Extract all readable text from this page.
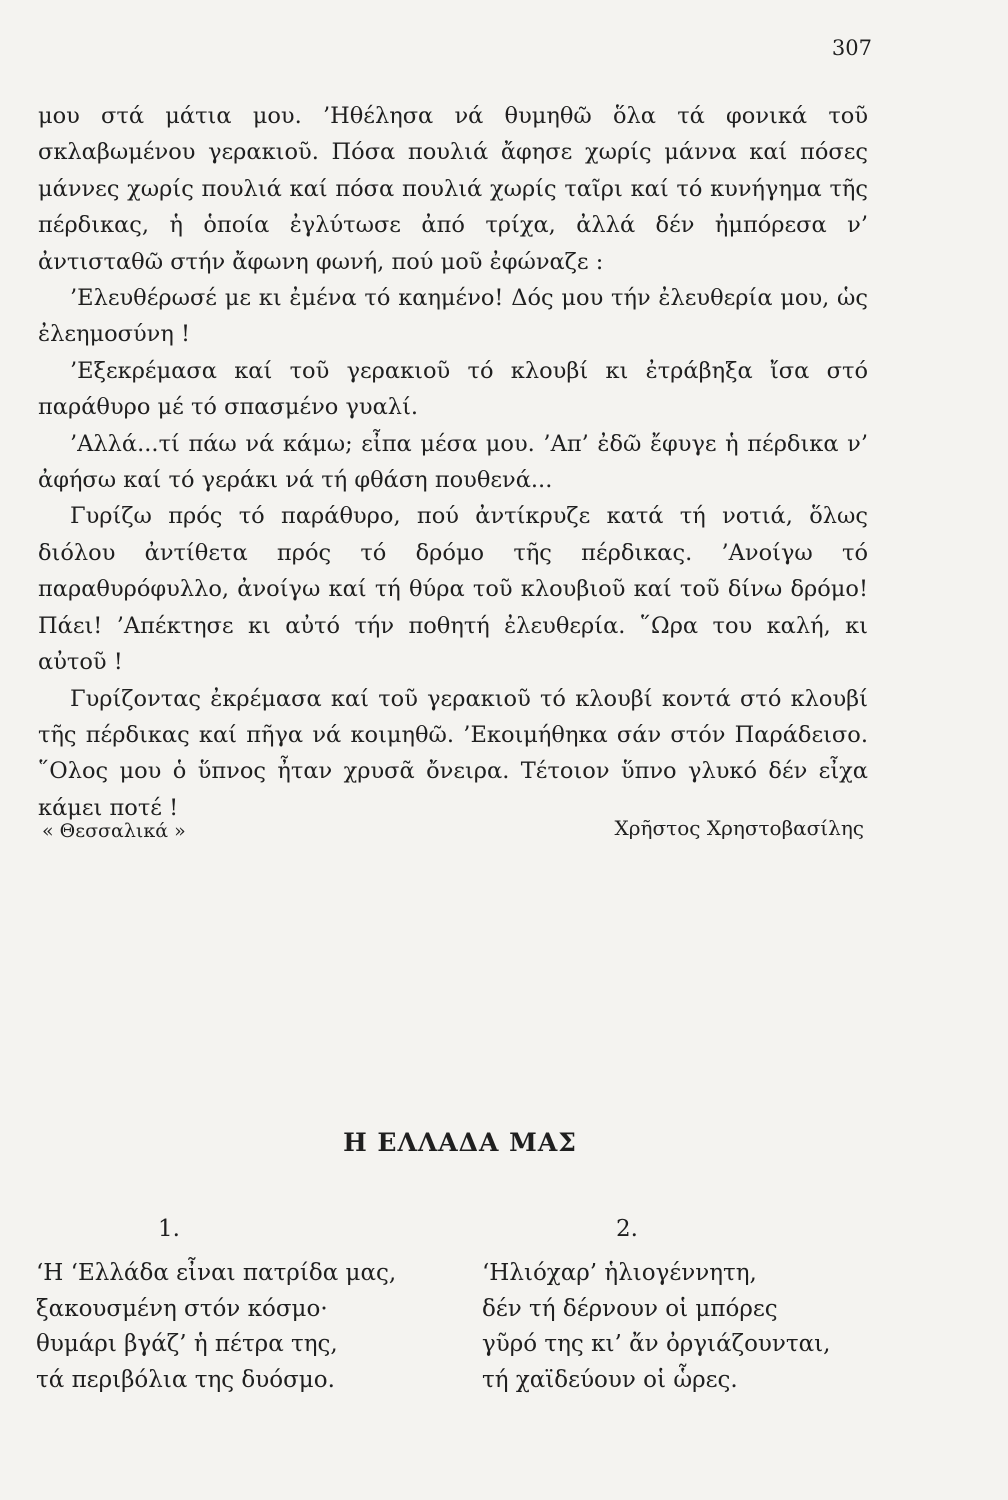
307

μου στά μάτια μου. ’Ηθέλησα νά θυμηθῶ ὅλα τά φονικά τοῦ σκλαβωμένου γερακιοῦ. Πόσα πουλιά ἄφησε χωρίς μάννα καί πόσες μάννες χωρίς πουλιά καί πόσα πουλιά χωρίς ταῖρι καί τό κυνήγημα τῆς πέρδικας, ἡ ὁποία ἐγλύτωσε ἀπό τρίχα, ἀλλά δέν ἠμπόρεσα ν’ ἀντισταθῶ στήν ἄφωνη φωνή, πού μοῦ ἐφώναζε :

’Ελευθέρωσέ με κι ἐμένα τό καημένο! Δός μου τήν ἐλευθερία μου, ὡς ἐλεημοσύνη !

’Εξεκρέμασα καί τοῦ γερακιοῦ τό κλουβί κι ἐτράβηξα ἴσα στό παράθυρο μέ τό σπασμένο γυαλί.

’Αλλά...τί πάω νά κάμω; εἶπα μέσα μου. ’Απ’ ἐδῶ ἔφυγε ἡ πέρδικα ν’ ἀφήσω καί τό γεράκι νά τή φθάση πουθενά...

Γυρίζω πρός τό παράθυρο, πού ἀντίκρυζε κατά τή νοτιά, ὅλως διόλου ἀντίθετα πρός τό δρόμο τῆς πέρδικας. ’Ανοίγω τό παραθυρόφυλλο, ἀνοίγω καί τή θύρα τοῦ κλουβιοῦ καί τοῦ δίνω δρόμο! Πάει! ’Απέκτησε κι αὐτό τήν ποθητή ἐλευθερία. ῞Ωρα του καλή, κι αὐτοῦ !

Γυρίζοντας ἐκρέμασα καί τοῦ γερακιοῦ τό κλουβί κοντά στό κλουβί τῆς πέρδικας καί πῆγα νά κοιμηθῶ. ’Εκοιμήθηκα σάν στόν Παράδεισο. ῞Ολος μου ὁ ὕπνος ἦταν χρυσᾶ ὄνειρα. Τέτοιον ὕπνο γλυκό δέν εἶχα κάμει ποτέ !

« Θεσσαλικά »	Χρῆστος Χρηστοβασίλης
Η ΕΛΛΑΔΑ ΜΑΣ
1.
‘Η ‘Ελλάδα εἶναι πατρίδα μας,
ξακουσμένη στόν κόσμο·
θυμάρι βγάζ’ ἡ πέτρα της,
τά περιβόλια της δυόσμο.
2.
‘Ηλιόχαρ’ ἡλιογέννητη,
δέν τή δέρνουν οἱ μπόρες
γῦρό της κι’ ἄν ὀργιάζουνται,
τή χαϊδεύουν οἱ ὧρες.
